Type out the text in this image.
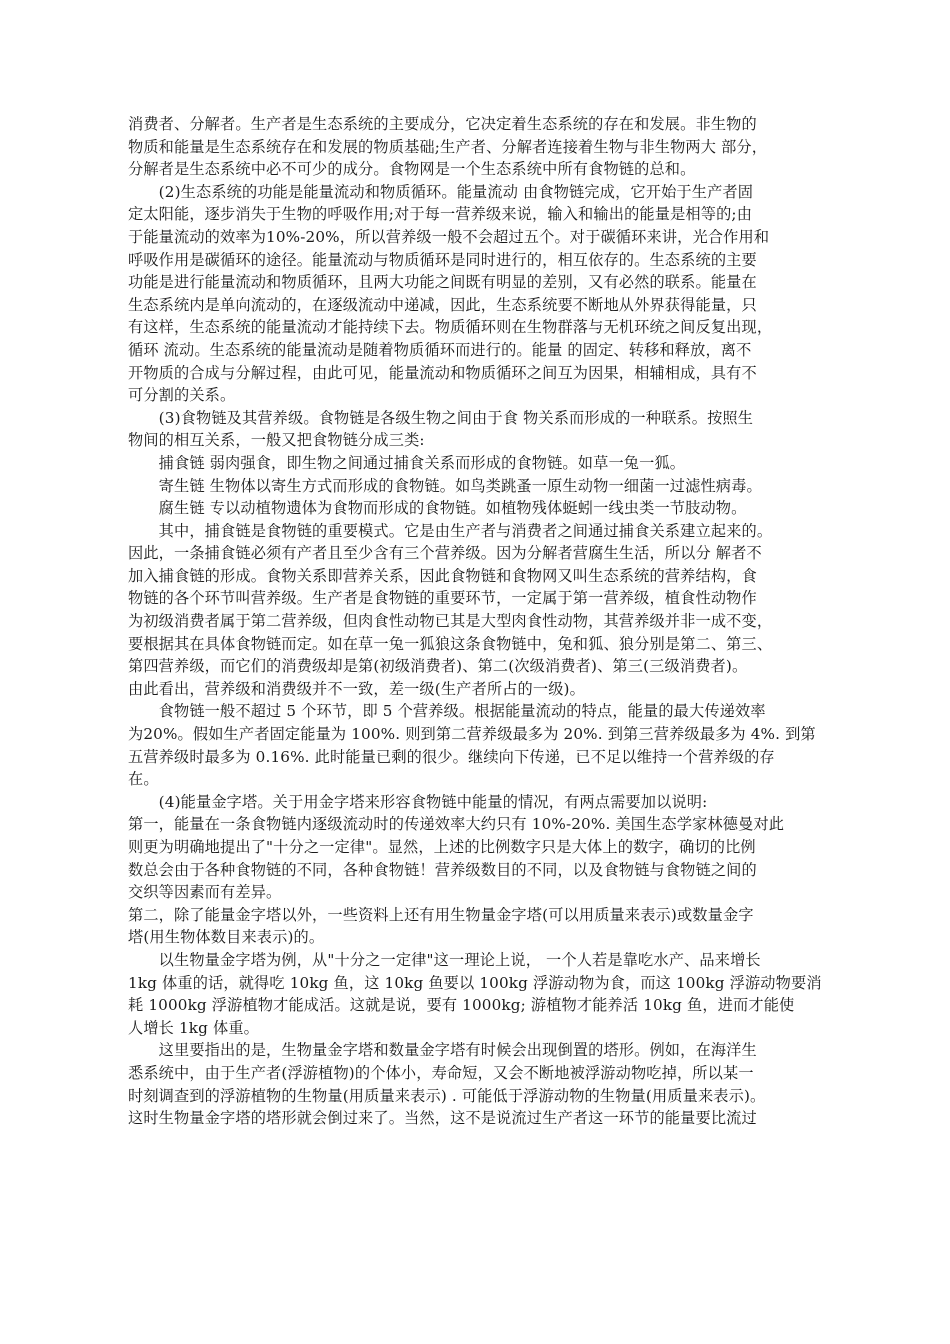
消费者、分解者。生产者是生态系统的主要成分，它决定着生态系统的存在和发展。非生物的
物质和能量是生态系统存在和发展的物质基础;生产者、分解者连接着生物与非生物两大 部分，
分解者是生态系统中必不可少的成分。食物网是一个生态系统中所有食物链的总和。
　　(2)生态系统的功能是能量流动和物质循环。能量流动 由食物链完成，它开始于生产者固
定太阳能，逐步消失于生物的呼吸作用;对于每一营养级来说，输入和输出的能量是相等的;由
于能量流动的效率为10%-20%，所以营养级一般不会超过五个。对于碳循环来讲，光合作用和
呼吸作用是碳循环的途径。能量流动与物质循环是同时进行的，相互依存的。生态系统的主要
功能是进行能量流动和物质循环，且两大功能之间既有明显的差别，又有必然的联系。能量在
生态系统内是单向流动的，在逐级流动中递减，因此，生态系统要不断地从外界获得能量，只
有这样，生态系统的能量流动才能持续下去。物质循环则在生物群落与无机环统之间反复出现，
循环 流动。生态系统的能量流动是随着物质循环而进行的。能量 的固定、转移和释放，离不
开物质的合成与分解过程，由此可见，能量流动和物质循环之间互为因果，相辅相成，具有不
可分割的关系。
　　(3)食物链及其营养级。食物链是各级生物之间由于食 物关系而形成的一种联系。按照生
物间的相互关系，一般又把食物链分成三类:
　　捕食链 弱肉强食，即生物之间通过捕食关系而形成的食物链。如草一兔一狐。
　　寄生链 生物体以寄生方式而形成的食物链。如鸟类跳蚤一原生动物一细菌一过滤性病毒。
　　腐生链 专以动植物遗体为食物而形成的食物链。如植物残体蜓蚓一线虫类一节肢动物。
　　其中，捕食链是食物链的重要模式。它是由生产者与消费者之间通过捕食关系建立起来的。
因此，一条捕食链必须有产者且至少含有三个营养级。因为分解者营腐生生活，所以分 解者不
加入捕食链的形成。食物关系即营养关系，因此食物链和食物网又叫生态系统的营养结构，食
物链的各个环节叫营养级。生产者是食物链的重要环节，一定属于第一营养级，植食性动物作
为初级消费者属于第二营养级，但肉食性动物已其是大型肉食性动物，其营养级并非一成不变，
要根据其在具体食物链而定。如在草一兔一狐狼这条食物链中，兔和狐、狼分别是第二、第三、
第四营养级，而它们的消费级却是第(初级消费者)、第二(次级消费者)、第三(三级消费者)。
由此看出，营养级和消费级并不一致，差一级(生产者所占的一级)。
　　食物链一般不超过 5 个环节，即 5 个营养级。根据能量流动的特点，能量的最大传递效率
为20%。假如生产者固定能量为 100%. 则到第二营养级最多为 20%. 到第三营养级最多为 4%. 到第
五营养级时最多为 0.16%. 此时能量已剩的很少。继续向下传递，已不足以维持一个营养级的存
在。
　　(4)能量金字塔。关于用金字塔来形容食物链中能量的情况，有两点需要加以说明:
第一，能量在一条食物链内逐级流动时的传递效率大约只有 10%-20%. 美国生态学家林德曼对此
则更为明确地提出了"十分之一定律"。显然，上述的比例数字只是大体上的数字，确切的比例
数总会由于各种食物链的不同，各种食物链！营养级数目的不同，以及食物链与食物链之间的
交织等因素而有差异。
第二，除了能量金字塔以外，一些资料上还有用生物量金字塔(可以用质量来表示)或数量金字
塔(用生物体数目来表示)的。
　　以生物量金字塔为例，从"十分之一定律"这一理论上说， 一个人若是靠吃水产、品来增长
1kg 体重的话，就得吃 10kg 鱼，这 10kg 鱼要以 100kg 浮游动物为食，而这 100kg 浮游动物要消
耗 1000kg 浮游植物才能成活。这就是说，要有 1000kg; 游植物才能养活 10kg 鱼，进而才能使
人增长 1kg 体重。
　　这里要指出的是，生物量金字塔和数量金字塔有时候会出现倒置的塔形。例如，在海洋生
悉系统中，由于生产者(浮游植物)的个体小，寿命短，又会不断地被浮游动物吃掉，所以某一
时刻调查到的浮游植物的生物量(用质量来表示) . 可能低于浮游动物的生物量(用质量来表示)。
这时生物量金字塔的塔形就会倒过来了。当然，这不是说流过生产者这一环节的能量要比流过
